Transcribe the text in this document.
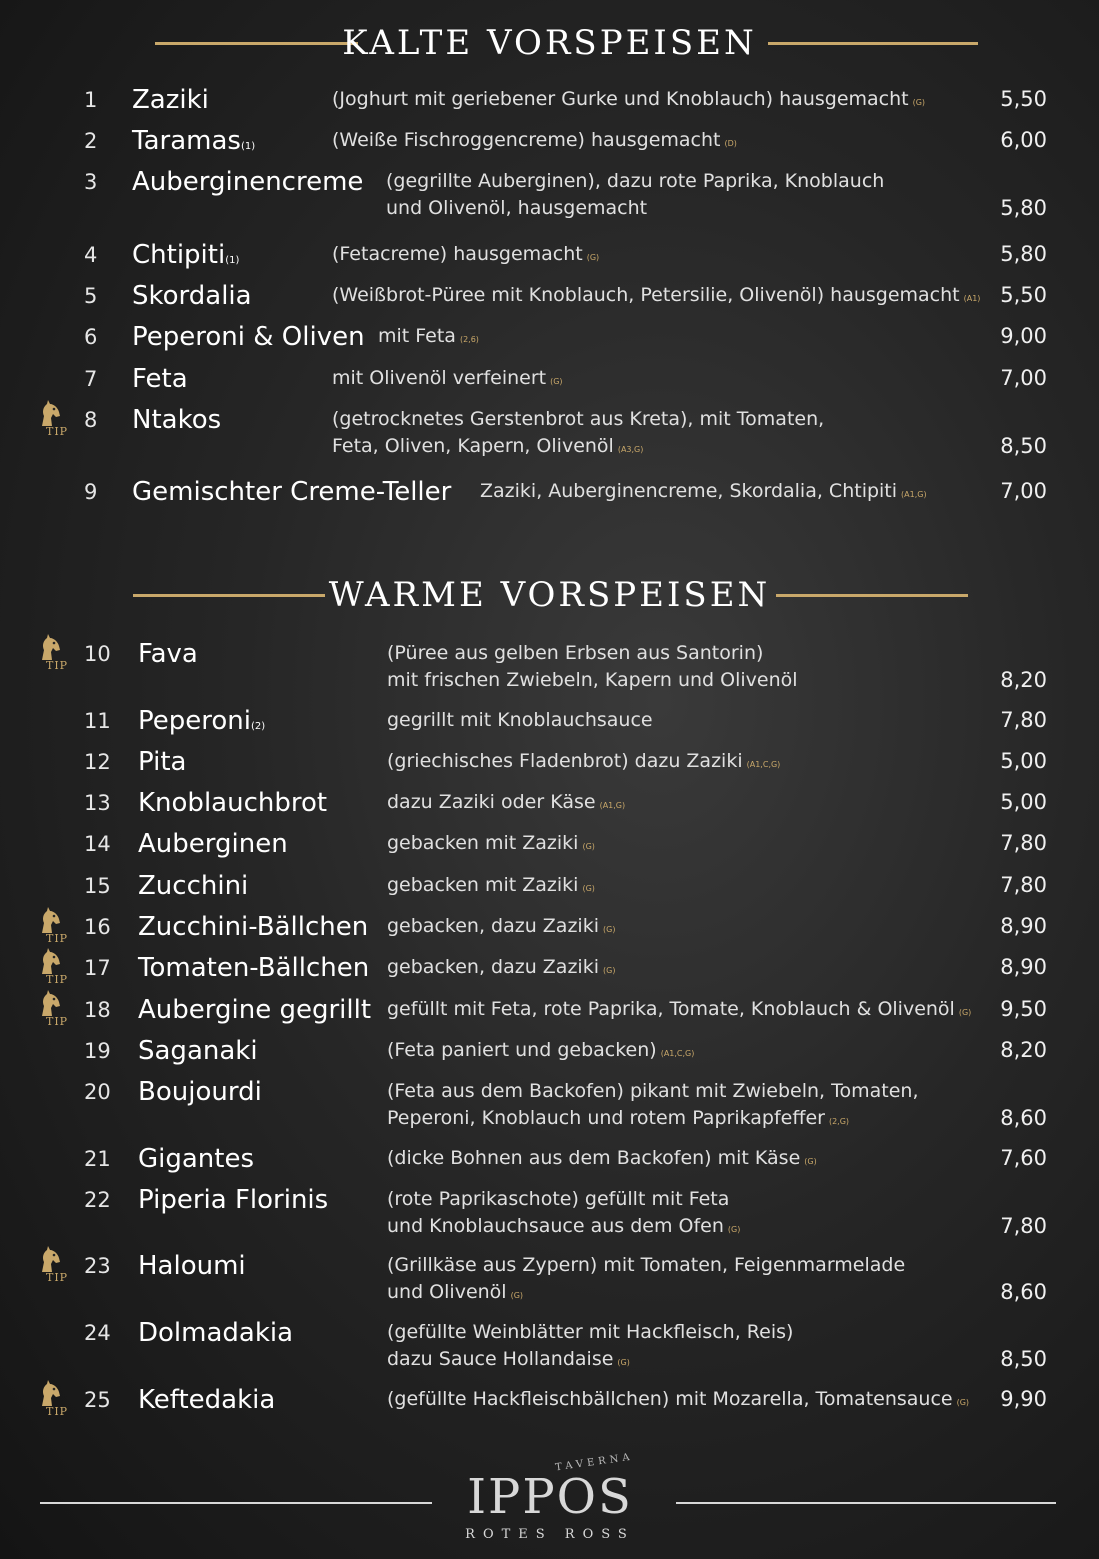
KALTE VORSPEISEN
1 Zaziki	(Joghurt mit geriebener Gurke und Knoblauch) hausgemacht (G)	5,50
2 Taramas(1)	(Weiße Fischroggencreme) hausgemacht (D)	6,00
3 Auberginencreme (gegrillte Auberginen), dazu rote Paprika, Knoblauch
und Olivenöl, hausgemacht	5,80
4 Chtipiti(1)	(Fetacreme) hausgemacht (G)	5,80
5 Skordalia	(Weißbrot-Püree mit Knoblauch, Petersilie, Olivenöl) hausgemacht (A1) 5,50
6 Peperoni & Oliven mit Feta (2,6)	9,00
7 Feta	mit Olivenöl verfeinert (G)	7,00
TIP 8 Ntakos	(getrocknetes Gerstenbrot aus Kreta), mit Tomaten,
Feta, Oliven, Kapern, Olivenöl (A3,G)	8,50
9 Gemischter Creme-Teller Zaziki, Auberginencreme, Skordalia, Chtipiti (A1,G)	7,00
WARME VORSPEISEN
TIP 10 Fava	(Püree aus gelben Erbsen aus Santorin)
mit frischen Zwiebeln, Kapern und Olivenöl	8,20
11 Peperoni(2)	gegrillt mit Knoblauchsauce	7,80
12 Pita	(griechisches Fladenbrot) dazu Zaziki (A1,C,G)	5,00
13 Knoblauchbrot	dazu Zaziki oder Käse (A1,G)	5,00
14 Auberginen	gebacken mit Zaziki (G)	7,80
15 Zucchini	gebacken mit Zaziki (G)	7,80
TIP 16 Zucchini-Bällchen gebacken, dazu Zaziki (G)	8,90
TIP 17 Tomaten-Bällchen gebacken, dazu Zaziki (G)	8,90
TIP 18 Aubergine gegrillt gefüllt mit Feta, rote Paprika, Tomate, Knoblauch & Olivenöl (G) 9,50
19 Saganaki	(Feta paniert und gebacken) (A1,C,G)	8,20
20 Boujourdi	(Feta aus dem Backofen) pikant mit Zwiebeln, Tomaten,
Peperoni, Knoblauch und rotem Paprikapfeffer (2,G)	8,60
21 Gigantes	(dicke Bohnen aus dem Backofen) mit Käse (G)	7,60
22 Piperia Florinis	(rote Paprikaschote) gefüllt mit Feta
und Knoblauchsauce aus dem Ofen (G)	7,80
TIP 23 Haloumi	(Grillkäse aus Zypern) mit Tomaten, Feigenmarmelade
und Olivenöl (G)	8,60
24 Dolmadakia	(gefüllte Weinblätter mit Hackfleisch, Reis)
dazu Sauce Hollandaise (G)	8,50
TIP 25 Keftedakia	(gefüllte Hackfleischbällchen) mit Mozarella, Tomatensauce (G) 9,90
TAVERNA
IPPOS
ROTES ROSS
